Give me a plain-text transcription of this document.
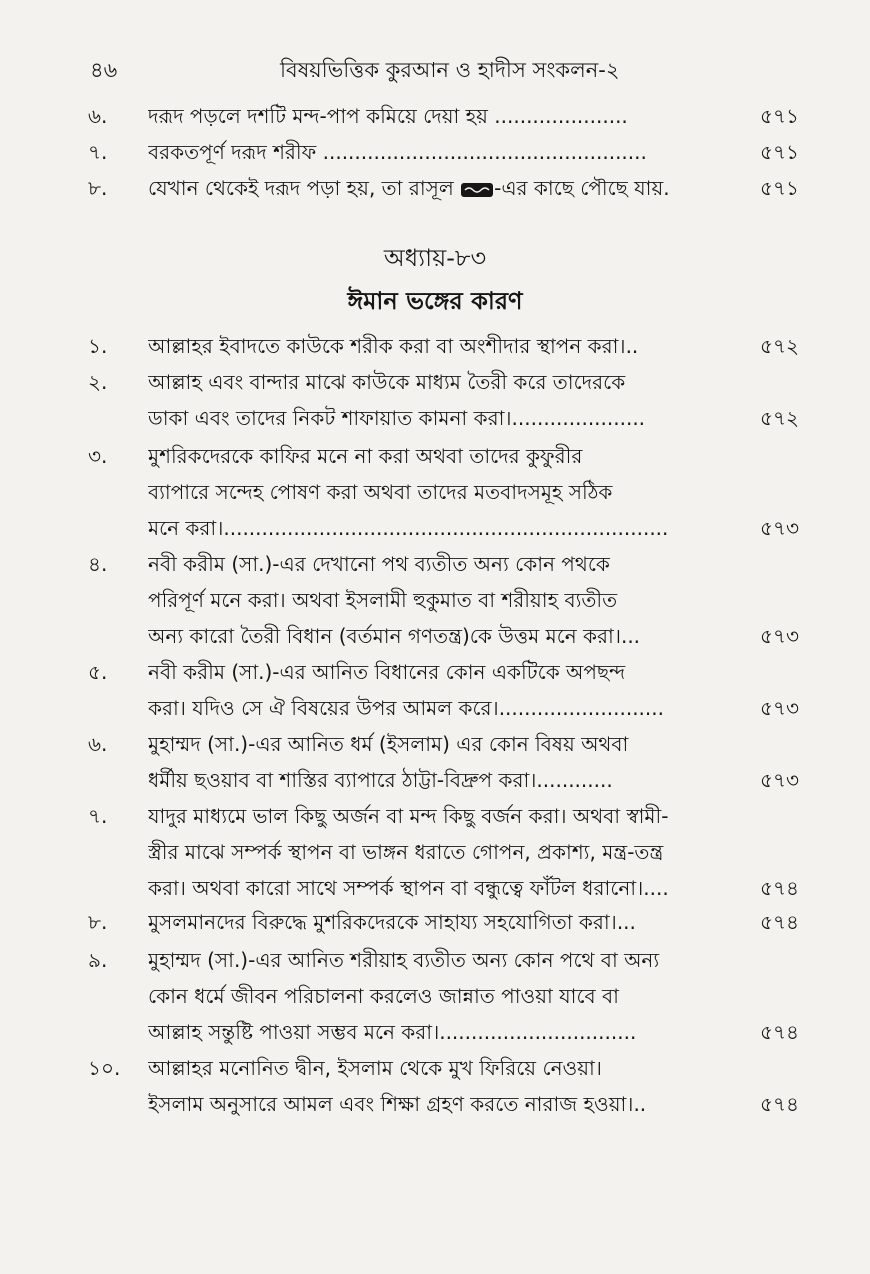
৪৬	বিষয়ভিত্তিক কুরআন ও হাদীস সংকলন-২
৬. দরূদ পড়লে দশটি মন্দ-পাপ কমিয়ে দেয়া হয় .....................	৫৭১
৭. বরকতপূর্ণ দরূদ শরীফ ...................................................	৫৭১
৮. যেখান থেকেই দরূদ পড়া হয়, তা রাসূল -এর কাছে পৌছে যায়.	৫৭১
অধ্যায়-৮৩
ঈমান ভঙ্গের কারণ
১. আল্লাহর ইবাদতে কাউকে শরীক করা বা অংশীদার স্থাপন করা।..	৫৭২
২. আল্লাহ এবং বান্দার মাঝে কাউকে মাধ্যম তৈরী করে তাদেরকে
ডাকা এবং তাদের নিকট শাফায়াত কামনা করা।.....................	৫৭২
৩. মুশরিকদেরকে কাফির মনে না করা অথবা তাদের কুফুরীর
ব্যাপারে সন্দেহ পোষণ করা অথবা তাদের মতবাদসমূহ সঠিক
মনে করা।......................................................................	৫৭৩
৪. নবী করীম (সা.)-এর দেখানো পথ ব্যতীত অন্য কোন পথকে
পরিপূর্ণ মনে করা। অথবা ইসলামী হুকুমাত বা শরীয়াহ ব্যতীত
অন্য কারো তৈরী বিধান (বর্তমান গণতন্ত্র)কে উত্তম মনে করা।...	৫৭৩
৫. নবী করীম (সা.)-এর আনিত বিধানের কোন একটিকে অপছন্দ
করা। যদিও সে ঐ বিষয়ের উপর আমল করে।..........................	৫৭৩
৬. মুহাম্মদ (সা.)-এর আনিত ধর্ম (ইসলাম) এর কোন বিষয় অথবা
ধর্মীয় ছওয়াব বা শাস্তির ব্যাপারে ঠাট্টা-বিদ্রুপ করা।............	৫৭৩
৭. যাদুর মাধ্যমে ভাল কিছু অর্জন বা মন্দ কিছু বর্জন করা। অথবা স্বামী-
স্ত্রীর মাঝে সম্পর্ক স্থাপন বা ভাঙ্গন ধরাতে গোপন, প্রকাশ্য, মন্ত্র-তন্ত্র
করা। অথবা কারো সাথে সম্পর্ক স্থাপন বা বন্ধুত্বে ফাঁটল ধরানো।....	৫৭৪
৮. মুসলমানদের বিরুদ্ধে মুশরিকদেরকে সাহায্য সহযোগিতা করা।...	৫৭৪
৯. মুহাম্মদ (সা.)-এর আনিত শরীয়াহ ব্যতীত অন্য কোন পথে বা অন্য
কোন ধর্মে জীবন পরিচালনা করলেও জান্নাত পাওয়া যাবে বা
আল্লাহ সন্তুষ্টি পাওয়া সম্ভব মনে করা।...............................	৫৭৪
১০. আল্লাহর মনোনিত দ্বীন, ইসলাম থেকে মুখ ফিরিয়ে নেওয়া।
ইসলাম অনুসারে আমল এবং শিক্ষা গ্রহণ করতে নারাজ হওয়া।..	৫৭৪
